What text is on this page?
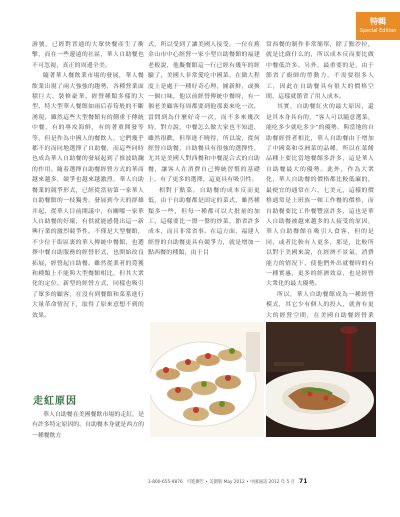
特輯
Special Edition

游號，已經對普通的大眾快餐產生了衝擊，而在一些邊遠的社區，華人自助餐也不可忽視，真正的周邊全美。

隨著華人餐飲業市場的發展，華人餐飲業出現了兩大強強的趨勢，各種營業面積巨大、裝修豪華、經營種類多樣的大型、特大型華人餐館如雨后春筍般的不斷湧現，雖然這些大型餐館有的側重于傳統中餐，有的專攻海鮮，有的著重開發等等，但是作為中國人的餐飲人，它們幾乎都不約而同地選擇了自助餐，而這些同時也成為華人自助餐的發展起到了推波助瀾的作用。隨着選擇自助餐經營方式的華商越來越多，競爭也越來越激烈，華人自助餐業的競爭形式，已經從當初第一家華人自助餐館的一枝獨秀，發展到今天的群雄并起，從華人目前開議中，有關哪一家華人自助餐的好壞，有供就能感覺出這一新興行業的激烈競爭性。不僅是大型餐館，不少位于街區裏的華人傳統中餐館，也選擇中餐自助服務的經營形式，也開始改良拓展，經營起自助餐。雖然從業者的覓獲和種類上不能與大型餐館相比，但其大衆化的定位、新型的經營方式，同樣也吸引了眾多的顧客，在沒有到餐館和菜系進行大量革命情況下，取得了原來意想不到的效果。

走紅原因

華人自助餐在美國餐飲市場的走紅，是有許多特定原因的。自助餐本身就是西方的一種餐飲方

式，所以受到了讓美國人接受。一位在舊金山市中心經營一家小型自助餐館的福建老板說，他擬餐館這一行已經有幾年的經驗了，美國人非常愛吃中國菜，在做大程度上是處于一種好奇心理，圖新鮮，或換一個口味，他以前經營傳統中餐時，有一個老美顧客每周都要到他那裏來吃一次，當問到為什麼好奇一次，而不多來幾次時，對方說，中餐怎么做大家也不知道，雖然很歡，但單進不曉得，所以說，從何經營自助餐，自助餐具有很強的選擇性，尤其是美國人對西餐和中餐混合式的自助餐，讓客人在消費自己傳統習慣的基礎上，有了更多的選擇，這更具有吸引性。

相對于點菜，自助餐的成本反而更低，由于自助餐都是固定的菜式，雖然種類多一些，但每一種都可以大批量的加工，這樣要比一盤一盤的炒菜，節省許多成本，而且非常省事。在這方面，福建人經營的自助餐更具有競爭力，就是增加一點西餐的種類，由于目

常西餐的制作非常簡單，除了點沙拉，就是比薩什么的，所以成本反而要比做中餐低許多。另外，最重要的是，由于節省了廚師的勞動力，不需要很多人工，因此在自助餐具有很大的價格空間，這樣就節省了用人成本。

其實，自助餐紅火的最大原因，還是其本身具有的，“客人可以隨意選菜，能吃多少就吃多少”的優勢，與當地的自助餐經營者相比，華人自助餐由于增加了中國菜和亞洲菜的品種，所以在菜餚品種上要比當地餐館多許多，這是華人自助餐最大的優勢。此外，作為大衆化，華人自助餐的價格都比較低廉的，最便宜的通常在六、七美元，這樣的價格通常是上班族一頓工作餐的價格，而自助餐要比工作餐豐富許多，這也是華人自助餐被越來越多的人接受的原因，華人自助餐館在吸引人食客，但的是同，或者比較有人更多，那是，比較所以對于美國來說，在經濟不景氣，消費能力的情況下，使他們外出就餐時的有一種實惠，更多的經濟效益，也是經營大衆化的最大優勢。

所以，華人自助餐館成為一種經營模式，其它少有個人的投入，就會有更大的經營空間，在美國自助餐經營業

1-800-655-9876 可進擴告 • 美圍版 May 2012 • 中國通訊 2012 年 5 月 71
